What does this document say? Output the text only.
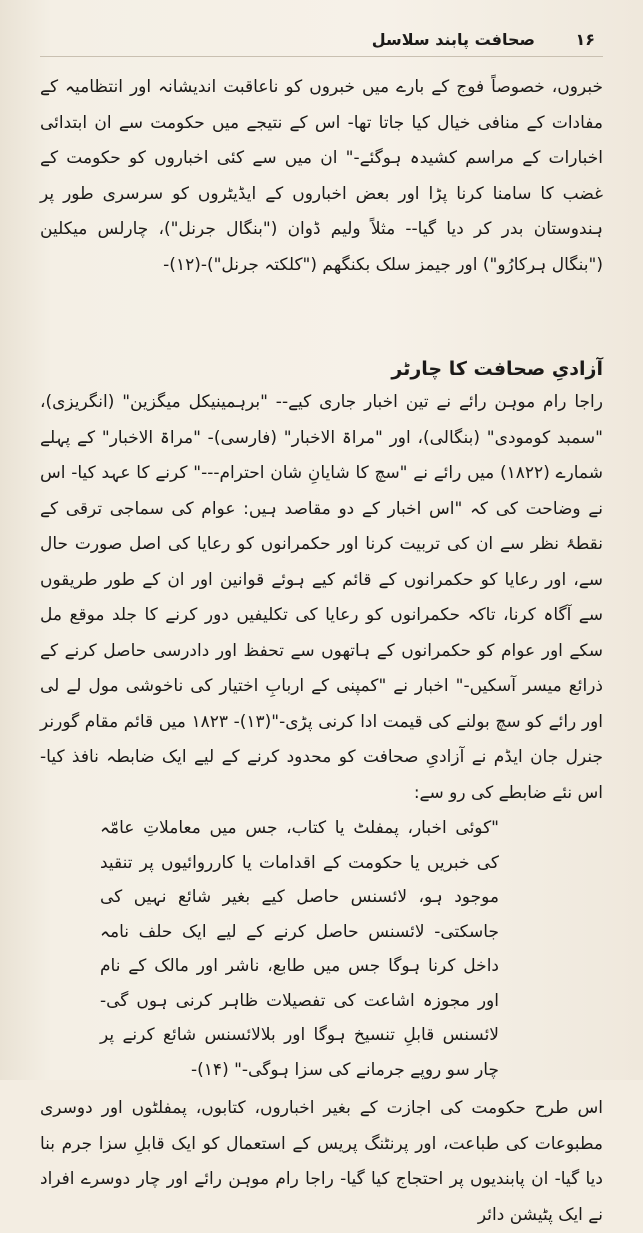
۱۶
صحافت پابند سلاسل

خبروں، خصوصاً فوج کے بارے میں خبروں کو ناعاقبت اندیشانہ اور انتظامیہ کے مفادات کے منافی خیال کیا جاتا تھا- اس کے نتیجے میں حکومت سے ان ابتدائی اخبارات کے مراسم کشیدہ ہوگئے-" ان میں سے کئی اخباروں کو حکومت کے غضب کا سامنا کرنا پڑا اور بعض اخباروں کے ایڈیٹروں کو سرسری طور پر ہندوستان بدر کر دیا گیا-- مثلاً ولیم ڈوان ("بنگال جرنل")، چارلس میکلین ("بنگال ہرکارُو") اور جیمز سلک بکنگھم ("کلکتہ جرنل")-(۱۲)-

آزادیِ صحافت کا چارٹر

راجا رام موہن رائے نے تین اخبار جاری کیے-- "برہمینیکل میگزین" (انگریزی)، "سمبد کومودی" (بنگالی)، اور "مراۃ الاخبار" (فارسی)- "مراۃ الاخبار" کے پہلے شمارے (۱۸۲۲) میں رائے نے "سچ کا شایانِ شان احترام---" کرنے کا عہد کیا- اس نے وضاحت کی کہ "اس اخبار کے دو مقاصد ہیں: عوام کی سماجی ترقی کے نقطۂ نظر سے ان کی تربیت کرنا اور حکمرانوں کو رعایا کی اصل صورت حال سے، اور رعایا کو حکمرانوں کے قائم کیے ہوئے قوانین اور ان کے طور طریقوں سے آگاہ کرنا، تاکہ حکمرانوں کو رعایا کی تکلیفیں دور کرنے کا جلد موقع مل سکے اور عوام کو حکمرانوں کے ہاتھوں سے تحفظ اور دادرسی حاصل کرنے کے ذرائع میسر آسکیں-" اخبار نے "کمپنی کے اربابِ اختیار کی ناخوشی مول لے لی اور رائے کو سچ بولنے کی قیمت ادا کرنی پڑی-"(۱۳)- ۱۸۲۳ میں قائم مقام گورنر جنرل جان ایڈم نے آزادیِ صحافت کو محدود کرنے کے لیے ایک ضابطہ نافذ کیا- اس نئے ضابطے کی رو سے:

"کوئی اخبار، پمفلٹ یا کتاب، جس میں معاملاتِ عامّہ کی خبریں یا حکومت کے اقدامات یا کارروائیوں پر تنقید موجود ہو، لائسنس حاصل کیے بغیر شائع نہیں کی جاسکتی- لائسنس حاصل کرنے کے لیے ایک حلف نامہ داخل کرنا ہوگا جس میں طابع، ناشر اور مالک کے نام اور مجوزہ اشاعت کی تفصیلات ظاہر کرنی ہوں گی- لائسنس قابلِ تنسیخ ہوگا اور بلالائسنس شائع کرنے پر چار سو روپے جرمانے کی سزا ہوگی-" (۱۴)-

اس طرح حکومت کی اجازت کے بغیر اخباروں، کتابوں، پمفلٹوں اور دوسری مطبوعات کی طباعت، اور پرنٹنگ پریس کے استعمال کو ایک قابلِ سزا جرم بنا دیا گیا- ان پابندیوں پر احتجاج کیا گیا- راجا رام موہن رائے اور چار دوسرے افراد نے ایک پٹیشن دائر
